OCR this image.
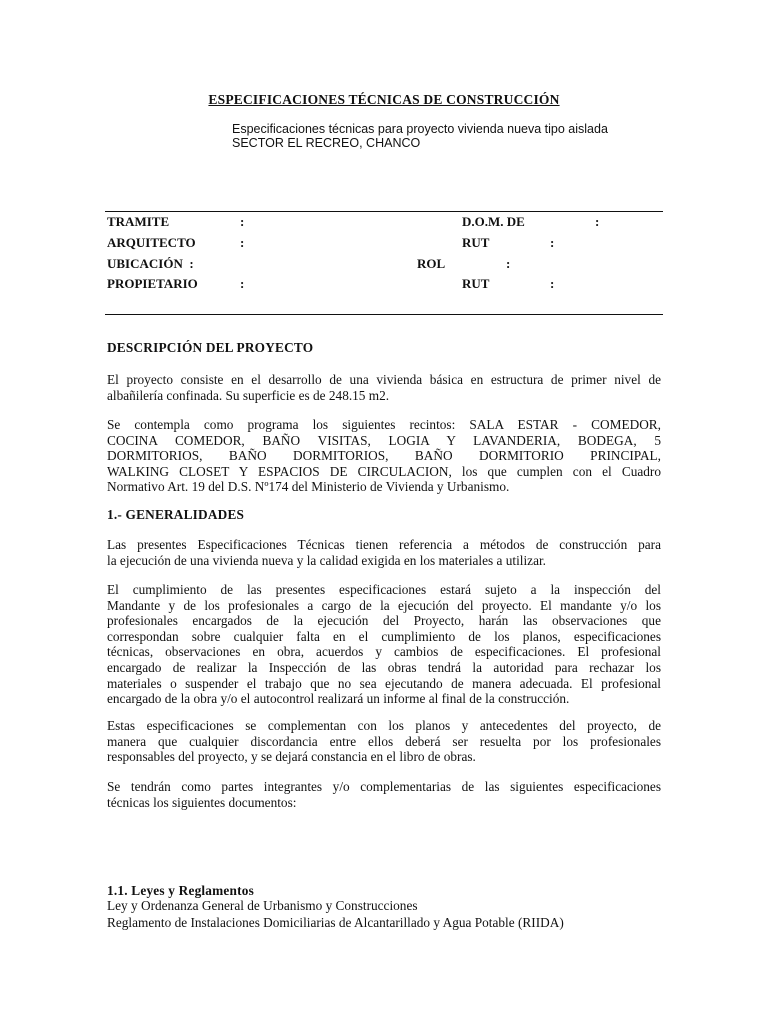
ESPECIFICACIONES TÉCNICAS DE CONSTRUCCIÓN
Especificaciones técnicas para proyecto vivienda nueva tipo aislada
SECTOR EL RECREO, CHANCO
TRAMITE	:	D.O.M. DE	:
ARQUITECTO	:	RUT	:
UBICACIÓN  :	ROL	:
PROPIETARIO	:	RUT	:
DESCRIPCIÓN DEL PROYECTO
El proyecto consiste en el desarrollo de una vivienda básica en estructura de primer nivel de
albañilería confinada. Su superficie es de 248.15 m2.
Se contempla como programa los siguientes recintos: SALA ESTAR - COMEDOR,
COCINA COMEDOR, BAÑO VISITAS, LOGIA Y LAVANDERIA, BODEGA, 5
DORMITORIOS, BAÑO DORMITORIOS, BAÑO DORMITORIO PRINCIPAL,
WALKING CLOSET Y ESPACIOS DE CIRCULACION, los que cumplen con el Cuadro
Normativo Art. 19 del D.S. Nº174 del Ministerio de Vivienda y Urbanismo.
1.- GENERALIDADES
Las presentes Especificaciones Técnicas tienen referencia a métodos de construcción para
la ejecución de una vivienda nueva y la calidad exigida en los materiales a utilizar.
El cumplimiento de las presentes especificaciones estará sujeto a la inspección del
Mandante y de los profesionales a cargo de la ejecución del proyecto. El mandante y/o los
profesionales encargados de la ejecución del Proyecto, harán las observaciones que
correspondan sobre cualquier falta en el cumplimiento de los planos, especificaciones
técnicas, observaciones en obra, acuerdos y cambios de especificaciones. El profesional
encargado de realizar la Inspección de las obras tendrá la autoridad para rechazar los
materiales o suspender el trabajo que no sea ejecutando de manera adecuada. El profesional
encargado de la obra y/o el autocontrol realizará un informe al final de la construcción.
Estas especificaciones se complementan con los planos y antecedentes del proyecto, de
manera que cualquier discordancia entre ellos deberá ser resuelta por los profesionales
responsables del proyecto, y se dejará constancia en el libro de obras.
Se tendrán como partes integrantes y/o complementarias de las siguientes especificaciones
técnicas los siguientes documentos:
1.1. Leyes y Reglamentos
Ley y Ordenanza General de Urbanismo y Construcciones
Reglamento de Instalaciones Domiciliarias de Alcantarillado y Agua Potable (RIIDA)
